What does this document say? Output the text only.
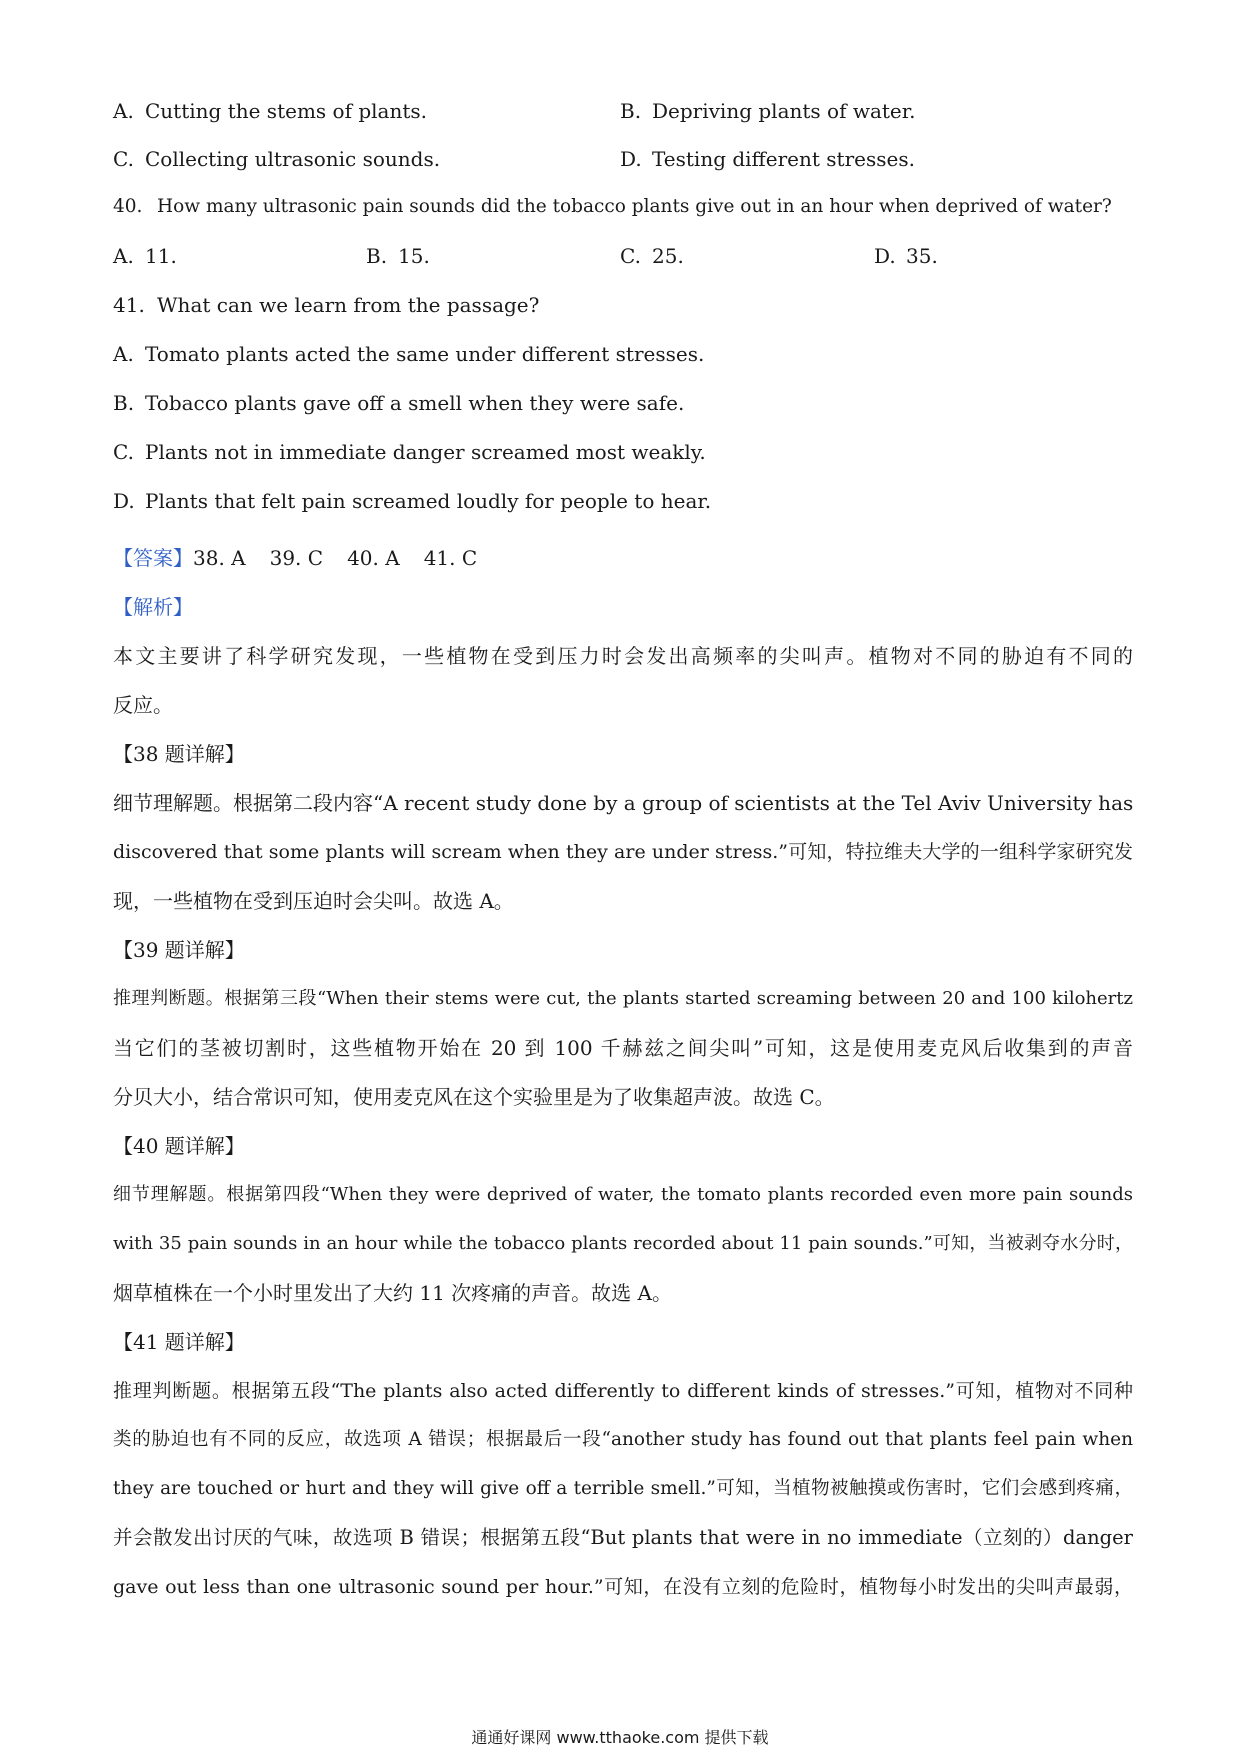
A. Cutting the stems of plants.	B. Depriving plants of water.
C. Collecting ultrasonic sounds.	D. Testing different stresses.
40. How many ultrasonic pain sounds did the tobacco plants give out in an hour when deprived of water?
A. 11.	B. 15.	C. 25.	D. 35.
41. What can we learn from the passage?
A. Tomato plants acted the same under different stresses.
B. Tobacco plants gave off a smell when they were safe.
C. Plants not in immediate danger screamed most weakly.
D. Plants that felt pain screamed loudly for people to hear.
【答案】38. A 39. C 40. A 41. C
【解析】
本文主要讲了科学研究发现，一些植物在受到压力时会发出高频率的尖叫声。植物对不同的胁迫有不同的
反应。
【38 题详解】
细节理解题。根据第二段内容“A recent study done by a group of scientists at the Tel Aviv University has
discovered that some plants will scream when they are under stress.”可知，特拉维夫大学的一组科学家研究发
现，一些植物在受到压迫时会尖叫。故选 A。
【39 题详解】
推理判断题。根据第三段“When their stems were cut, the plants started screaming between 20 and 100 kilohertz
当它们的茎被切割时，这些植物开始在 20 到 100 千赫兹之间尖叫”可知，这是使用麦克风后收集到的声音
分贝大小，结合常识可知，使用麦克风在这个实验里是为了收集超声波。故选 C。
【40 题详解】
细节理解题。根据第四段“When they were deprived of water, the tomato plants recorded even more pain sounds
with 35 pain sounds in an hour while the tobacco plants recorded about 11 pain sounds.”可知，当被剥夺水分时，
烟草植株在一个小时里发出了大约 11 次疼痛的声音。故选 A。
【41 题详解】
推理判断题。根据第五段“The plants also acted differently to different kinds of stresses.”可知，植物对不同种
类的胁迫也有不同的反应，故选项 A 错误；根据最后一段“another study has found out that plants feel pain when
they are touched or hurt and they will give off a terrible smell.”可知，当植物被触摸或伤害时，它们会感到疼痛，
并会散发出讨厌的气味，故选项 B 错误；根据第五段“But plants that were in no immediate（立刻的）danger
gave out less than one ultrasonic sound per hour.”可知，在没有立刻的危险时，植物每小时发出的尖叫声最弱，
通通好课网 www.tthaoke.com 提供下载
